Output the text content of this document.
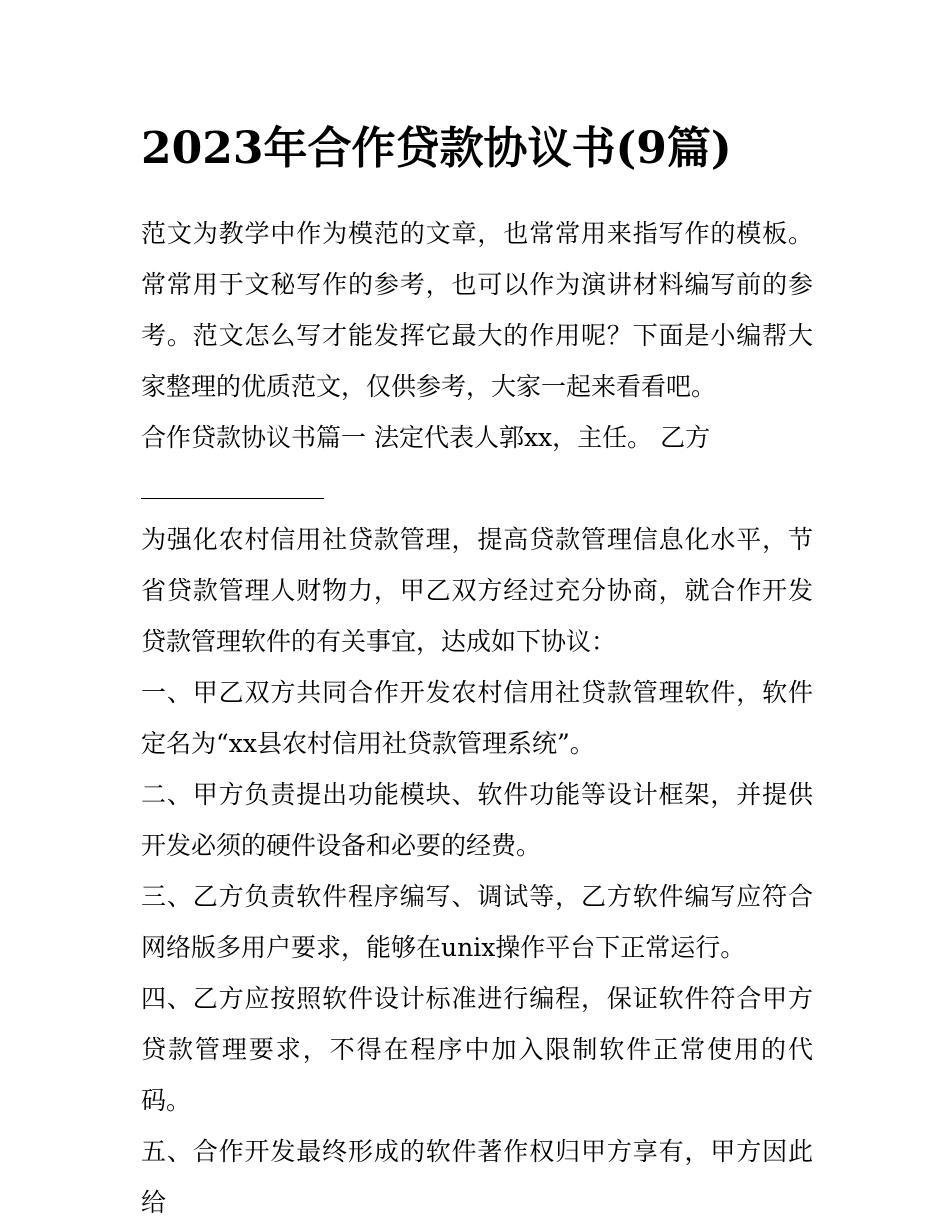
2023年合作贷款协议书(9篇)

范文为教学中作为模范的文章，也常常用来指写作的模板。常常用于文秘写作的参考，也可以作为演讲材料编写前的参考。范文怎么写才能发挥它最大的作用呢？下面是小编帮大家整理的优质范文，仅供参考，大家一起来看看吧。

合作贷款协议书篇一 法定代表人郭xx，主任。 乙方

为强化农村信用社贷款管理，提高贷款管理信息化水平，节省贷款管理人财物力，甲乙双方经过充分协商，就合作开发贷款管理软件的有关事宜，达成如下协议：

一、甲乙双方共同合作开发农村信用社贷款管理软件，软件定名为“xx县农村信用社贷款管理系统”。

二、甲方负责提出功能模块、软件功能等设计框架，并提供开发必须的硬件设备和必要的经费。

三、乙方负责软件程序编写、调试等，乙方软件编写应符合网络版多用户要求，能够在unix操作平台下正常运行。

四、乙方应按照软件设计标准进行编程，保证软件符合甲方贷款管理要求，不得在程序中加入限制软件正常使用的代码。

五、合作开发最终形成的软件著作权归甲方享有，甲方因此给
